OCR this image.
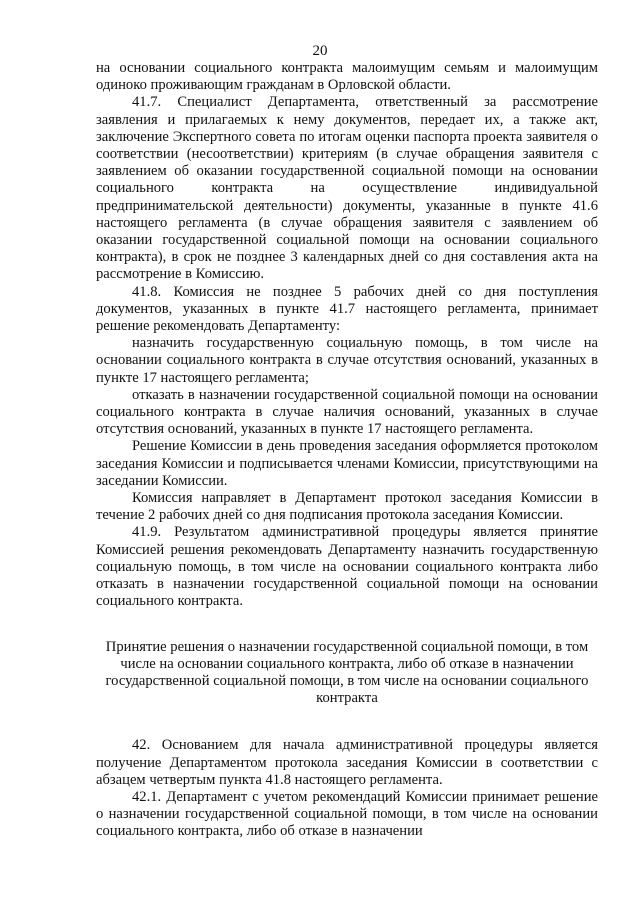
20

на основании социального контракта малоимущим семьям и малоимущим одиноко проживающим гражданам в Орловской области.

41.7. Специалист Департамента, ответственный за рассмотрение заявления и прилагаемых к нему документов, передает их, а также акт, заключение Экспертного совета по итогам оценки паспорта проекта заявителя о соответствии (несоответствии) критериям (в случае обращения заявителя с заявлением об оказании государственной социальной помощи на основании социального контракта на осуществление индивидуальной предпринимательской деятельности) документы, указанные в пункте 41.6 настоящего регламента (в случае обращения заявителя с заявлением об оказании государственной социальной помощи на основании социального контракта), в срок не позднее 3 календарных дней со дня составления акта на рассмотрение в Комиссию.

41.8. Комиссия не позднее 5 рабочих дней со дня поступления документов, указанных в пункте 41.7 настоящего регламента, принимает решение рекомендовать Департаменту:

назначить государственную социальную помощь, в том числе на основании социального контракта в случае отсутствия оснований, указанных в пункте 17 настоящего регламента;

отказать в назначении государственной социальной помощи на основании социального контракта в случае наличия оснований, указанных в случае отсутствия оснований, указанных в пункте 17 настоящего регламента.

Решение Комиссии в день проведения заседания оформляется протоколом заседания Комиссии и подписывается членами Комиссии, присутствующими на заседании Комиссии.

Комиссия направляет в Департамент протокол заседания Комиссии в течение 2 рабочих дней со дня подписания протокола заседания Комиссии.

41.9. Результатом административной процедуры является принятие Комиссией решения рекомендовать Департаменту назначить государственную социальную помощь, в том числе на основании социального контракта либо отказать в назначении государственной социальной помощи на основании социального контракта.

Принятие решения о назначении государственной социальной помощи, в том числе на основании социального контракта, либо об отказе в назначении государственной социальной помощи, в том числе на основании социального контракта

42. Основанием для начала административной процедуры является получение Департаментом протокола заседания Комиссии в соответствии с абзацем четвертым пункта 41.8 настоящего регламента.

42.1. Департамент с учетом рекомендаций Комиссии принимает решение о назначении государственной социальной помощи, в том числе на основании социального контракта, либо об отказе в назначении
